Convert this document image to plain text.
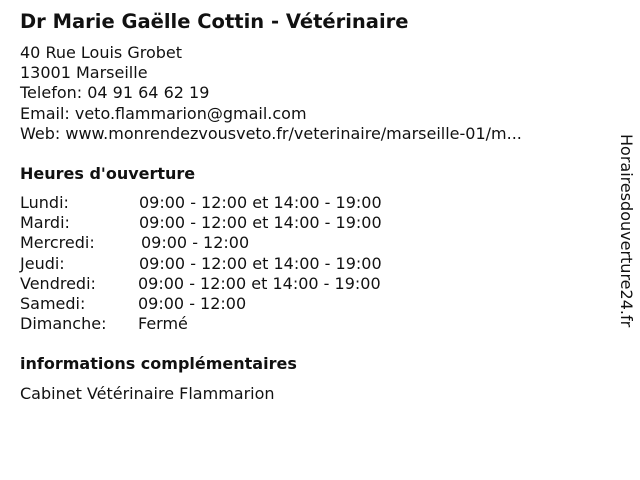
Dr Marie Gaëlle Cottin - Vétérinaire
40 Rue Louis Grobet
13001 Marseille
Telefon: 04 91 64 62 19
Email: veto.flammarion@gmail.com
Web: www.monrendezvousveto.fr/veterinaire/marseille-01/m...
Heures d'ouverture
Lundi:	09:00 - 12:00 et 14:00 - 19:00
Mardi:	09:00 - 12:00 et 14:00 - 19:00
Mercredi:	09:00 - 12:00
Jeudi:	09:00 - 12:00 et 14:00 - 19:00
Vendredi:	09:00 - 12:00 et 14:00 - 19:00
Samedi:	09:00 - 12:00
Dimanche: Fermé
informations complémentaires
Cabinet Vétérinaire Flammarion
Horairesdouverture24.fr
